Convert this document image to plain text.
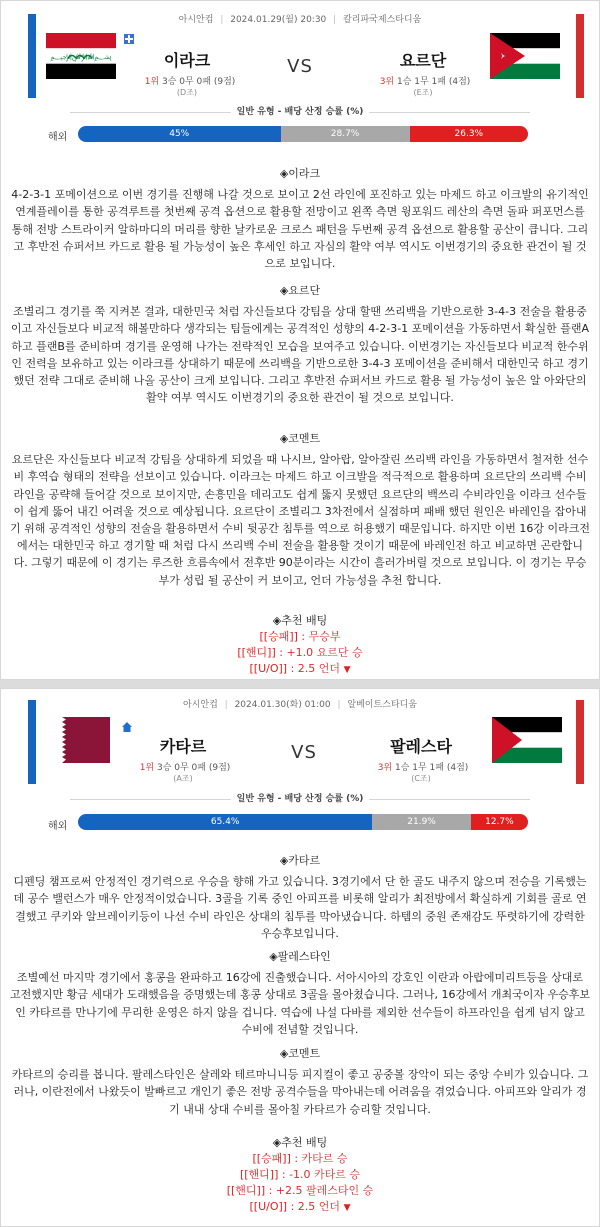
아시안컵 | 2024.01.29(월) 20:30 | 칼리파국제스타디움
﷽	이라크
1위 3승 0무 0패 (9점)
(D조)
VS	요르단
3위 1승 1무 1패 (4점)
(E조)
일반 유형 - 배당 산정 승률 (%)
해외	45%	28.7%	26.3%
◈이라크
4-2-3-1 포메이션으로 이번 경기를 진행해 나갈 것으로 보이고 2선 라인에 포진하고 있는 마제드 하고 이크발의 유기적인 연계플레이를 통한 공격루트를 첫번째 공격 옵션으로 활용할 전망이고 왼쪽 측면 윙포워드 레산의 측면 돌파 퍼포먼스를 통해 전방 스트라이커 알하마디의 머리를 향한 날카로운 크로스 패턴을 두번째 공격 옵션으로 활용할 공산이 큽니다. 그리고 후반전 슈퍼서브 카드로 활용 될 가능성이 높은 후세인 하고 자심의 활약 여부 역시도 이번경기의 중요한 관건이 될 것으로 보입니다.
◈요르단
조별리그 경기를 쭉 지켜본 결과, 대한민국 처럼 자신들보다 강팀을 상대 할땐 쓰리백을 기반으로한 3-4-3 전술을 활용중이고 자신들보다 비교적 해볼만하다 생각되는 팀들에게는 공격적인 성향의 4-2-3-1 포메이션을 가동하면서 확실한 플랜A 하고 플랜B를 준비하며 경기를 운영해 나가는 전략적인 모습을 보여주고 있습니다. 이번경기는 자신들보다 비교적 한수위인 전력을 보유하고 있는 이라크를 상대하기 때문에 쓰리백을 기반으로한 3-4-3 포메이션을 준비해서 대한민국 하고 경기 했던 전략 그대로 준비해 나올 공산이 크게 보입니다. 그리고 후반전 슈퍼서브 카드로 활용 될 가능성이 높은 알 아와단의 활약 여부 역시도 이번경기의 중요한 관건이 될 것으로 보입니다.
◈코멘트
요르단은 자신들보다 비교적 강팀을 상대하게 되었을 때 나시브, 알아랍, 알아잘린 쓰리백 라인을 가동하면서 철저한 선수비 후역습 형태의 전략을 선보이고 있습니다. 이라크는 마제드 하고 이크발을 적극적으로 활용하며 요르단의 쓰리백 수비라인을 공략해 들어갈 것으로 보이지만, 손흥민을 데리고도 쉽게 뚫지 못했던 요르단의 백쓰리 수비라인을 이라크 선수들이 쉽게 뚫어 내긴 어려울 것으로 예상됩니다. 요르단이 조별리그 3차전에서 실점하며 패배 했던 원인은 바레인을 잡아내기 위해 공격적인 성향의 전술을 활용하면서 수비 뒷공간 침투를 역으로 허용했기 때문입니다. 하지만 이번 16강 이라크전에서는 대한민국 하고 경기할 때 처럼 다시 쓰리백 수비 전술을 활용할 것이기 때문에 바레인전 하고 비교하면 곤란합니다. 그렇기 때문에 이 경기는 루즈한 흐름속에서 전후반 90분이라는 시간이 흘러가버릴 것으로 보입니다. 이 경기는 무승부가 성립 될 공산이 커 보이고, 언더 가능성을 추천 합니다.
◈추천 배팅
[[승패]] : 무승부
[[핸디]] : +1.0 요르단 승
[[U/O]] : 2.5 언더 ▼
아시안컵 | 2024.01.30(화) 01:00 | 알베이트스타디움
카타르
1위 3승 0무 0패 (9점)
(A조)
VS	팔레스타
3위 1승 1무 1패 (4점)
(C조)
일반 유형 - 배당 산정 승률 (%)
해외	65.4%	21.9%	12.7%
◈카타르
디펜딩 챔프로써 안정적인 경기력으로 우승을 향해 가고 있습니다. 3경기에서 단 한 골도 내주지 않으며 전승을 기록했는데 공수 밸런스가 매우 안정적이었습니다. 3골을 기록 중인 아피프를 비롯해 알리가 최전방에서 확실하게 기회를 골로 연결했고 쿠키와 알브레이키등이 나선 수비 라인은 상대의 침투를 막아냈습니다. 하템의 중원 존재감도 뚜렷하기에 강력한 우승후보입니다.
◈팔레스타인
조별예선 마지막 경기에서 홍콩을 완파하고 16강에 진출했습니다. 서아시아의 강호인 이란과 아랍에미리트등을 상대로 고전했지만 황금 세대가 도래했음을 증명했는데 홍콩 상대로 3골을 몰아쳤습니다. 그러나, 16강에서 개최국이자 우승후보인 카타르를 만나기에 무리한 운영은 하지 않을 겁니다. 역습에 나설 다바를 제외한 선수들이 하프라인을 쉽게 넘지 않고 수비에 전념할 것입니다.
◈코멘트
카타르의 승리를 봅니다. 팔레스타인은 살레와 테르마니니등 피지컬이 좋고 공중볼 장악이 되는 중앙 수비가 있습니다. 그러나, 이란전에서 나왔듯이 발빠르고 개인기 좋은 전방 공격수들을 막아내는데 어려움을 겪었습니다. 아피프와 알리가 경기 내내 상대 수비를 몰아칠 카타르가 승리할 것입니다.
◈추천 배팅
[[승패]] : 카타르 승
[[핸디]] : -1.0 카타르 승
[[핸디]] : +2.5 팔레스타인 승
[[U/O]] : 2.5 언더 ▼
